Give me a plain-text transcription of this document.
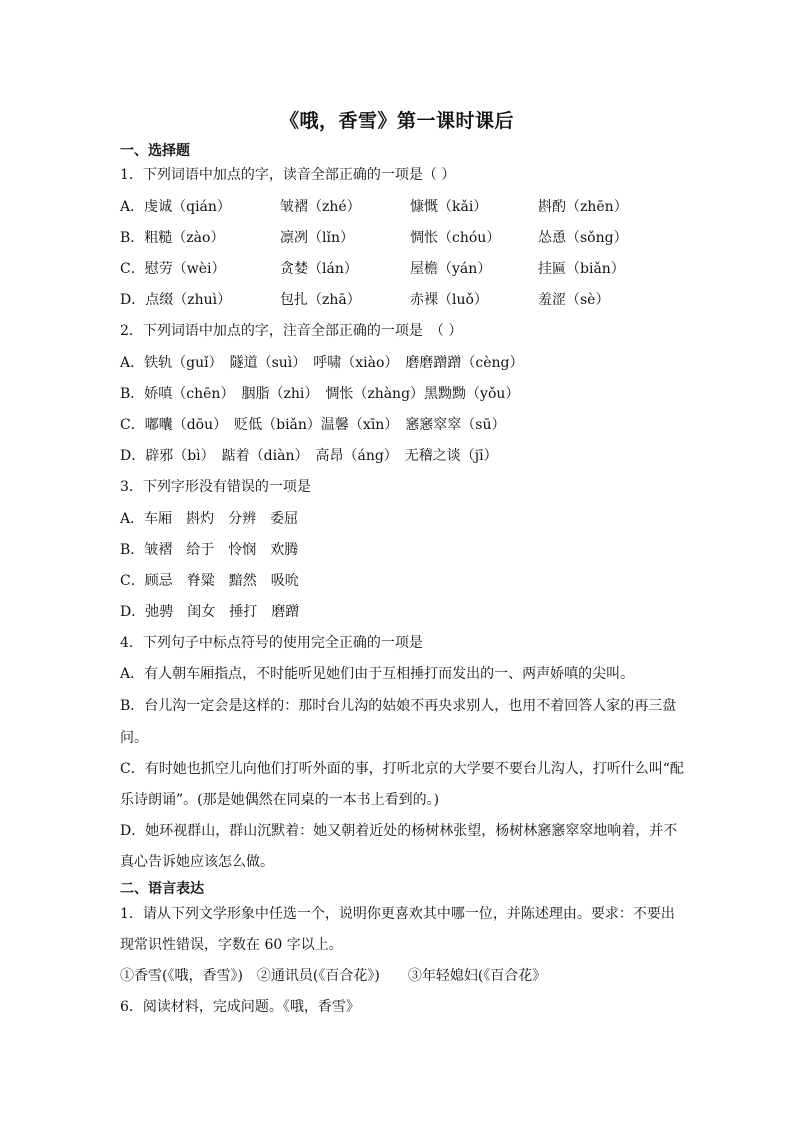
《哦，香雪》第一课时课后
一、选择题
1．下列词语中加点的字，读音全部正确的一项是（ ）
A．虔诚（qián）	皱褶（zhé）	慷慨（kǎi）	斟酌（zhēn）
B．粗糙（zào）	凛冽（lǐn）	惆怅（chóu）	怂恿（sǒng）
C．慰劳（wèi）	贪婪（lán）	屋檐（yán）	挂匾（biǎn）
D．点缀（zhuì）	包扎（zhā）	赤裸（luǒ）	羞涩（sè）
2．下列词语中加点的字，注音全部正确的一项是　（ ）
A．铁轨（guǐ）　隧道（suì）　呼啸（xiào）　磨磨蹭蹭（cèng）
B．娇嗔（chēn）　胭脂（zhi）　惆怅（zhàng）黑黝黝（yǒu）
C．嘟囔（dōu）　贬低（biǎn）温馨（xīn）　窸窸窣窣（sū）
D．辟邪（bì）　踮着（diàn）　高昂（áng）　无稽之谈（jī）
3．下列字形没有错误的一项是
A．车厢　斟灼　分辨　委屈
B．皱褶　给于　怜悯　欢腾
C．顾忌　脊粱　黯然　吸吮
D．弛骋　闺女　捶打　磨蹭
4．下列句子中标点符号的使用完全正确的一项是
A．有人朝车厢指点，不时能听见她们由于互相捶打而发出的一、两声娇嗔的尖叫。
B．台儿沟一定会是这样的：那时台儿沟的姑娘不再央求别人，也用不着回答人家的再三盘
问。
C．有时她也抓空儿向他们打听外面的事，打听北京的大学要不要台儿沟人，打听什么叫“配
乐诗朗诵”。(那是她偶然在同桌的一本书上看到的。)
D．她环视群山，群山沉默着：她又朝着近处的杨树林张望，杨树林窸窸窣窣地响着，并不
真心告诉她应该怎么做。
二、语言表达
1．请从下列文学形象中任选一个，说明你更喜欢其中哪一位，并陈述理由。要求：不要出
现常识性错误，字数在 60 字以上。
①香雪(《哦，香雪》)　②通讯员(《百合花》)　　③年轻媳妇(《百合花》
6．阅读材料，完成问题。《哦，香雪》
